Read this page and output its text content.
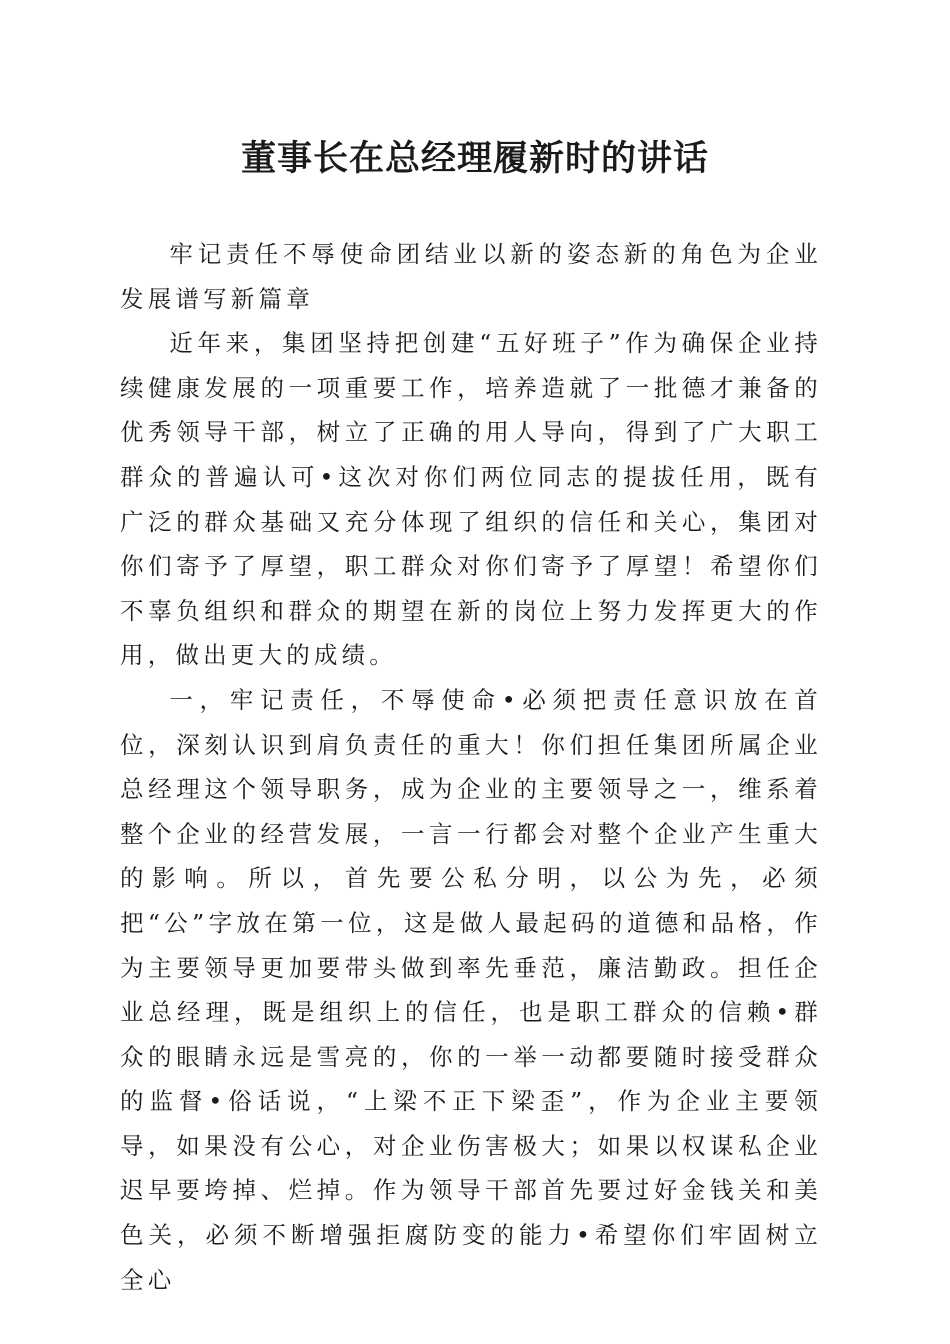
董事长在总经理履新时的讲话

牢记责任不辱使命团结业以新的姿态新的角色为企业发展谱写新篇章

近年来，集团坚持把创建“五好班子”作为确保企业持续健康发展的一项重要工作，培养造就了一批德才兼备的优秀领导干部，树立了正确的用人导向，得到了广大职工群众的普遍认可•这次对你们两位同志的提拔任用，既有广泛的群众基础又充分体现了组织的信任和关心，集团对你们寄予了厚望，职工群众对你们寄予了厚望！希望你们不辜负组织和群众的期望在新的岗位上努力发挥更大的作用，做出更大的成绩。

一，牢记责任，不辱使命•必须把责任意识放在首位，深刻认识到肩负责任的重大！你们担任集团所属企业总经理这个领导职务，成为企业的主要领导之一，维系着整个企业的经营发展，一言一行都会对整个企业产生重大的影响。所以，首先要公私分明，以公为先，必须把“公”字放在第一位，这是做人最起码的道德和品格，作为主要领导更加要带头做到率先垂范，廉洁勤政。担任企业总经理，既是组织上的信任，也是职工群众的信赖•群众的眼睛永远是雪亮的，你的一举一动都要随时接受群众的监督•俗话说，“上梁不正下梁歪”，作为企业主要领导，如果没有公心，对企业伤害极大；如果以权谋私企业迟早要垮掉、烂掉。作为领导干部首先要过好金钱关和美色关，必须不断增强拒腐防变的能力•希望你们牢固树立全心
